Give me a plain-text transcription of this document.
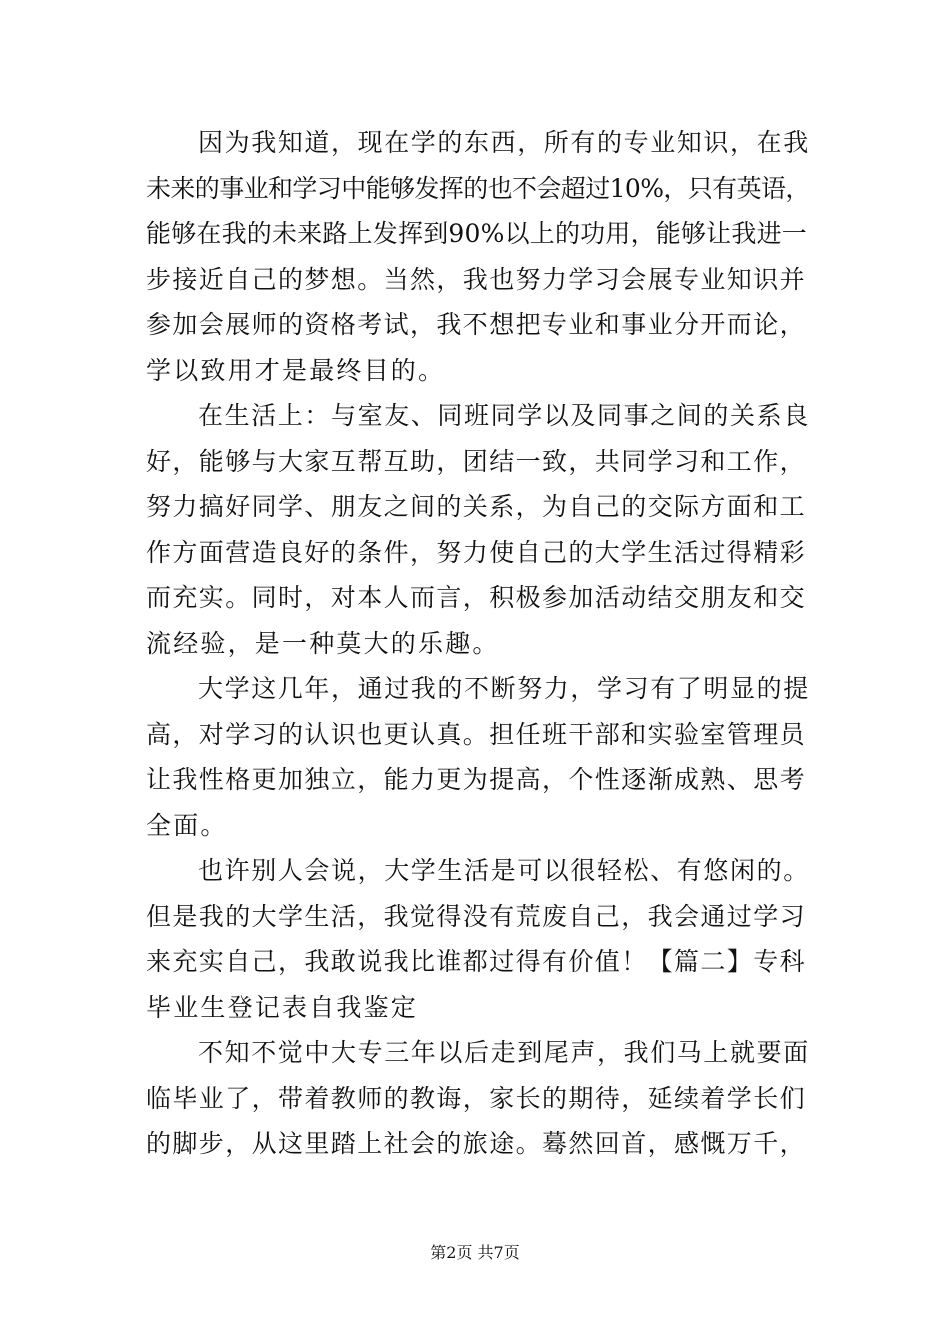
因为我知道，现在学的东西，所有的专业知识，在我
未来的事业和学习中能够发挥的也不会超过10%，只有英语，
能够在我的未来路上发挥到90%以上的功用，能够让我进一
步接近自己的梦想。当然，我也努力学习会展专业知识并
参加会展师的资格考试，我不想把专业和事业分开而论，
学以致用才是最终目的。
在生活上：与室友、同班同学以及同事之间的关系良
好，能够与大家互帮互助，团结一致，共同学习和工作，
努力搞好同学、朋友之间的关系，为自己的交际方面和工
作方面营造良好的条件，努力使自己的大学生活过得精彩
而充实。同时，对本人而言，积极参加活动结交朋友和交
流经验，是一种莫大的乐趣。
大学这几年，通过我的不断努力，学习有了明显的提
高，对学习的认识也更认真。担任班干部和实验室管理员
让我性格更加独立，能力更为提高，个性逐渐成熟、思考
全面。
也许别人会说，大学生活是可以很轻松、有悠闲的。
但是我的大学生活，我觉得没有荒废自己，我会通过学习
来充实自己，我敢说我比谁都过得有价值！【篇二】专科
毕业生登记表自我鉴定
不知不觉中大专三年以后走到尾声，我们马上就要面
临毕业了，带着教师的教诲，家长的期待，延续着学长们
的脚步，从这里踏上社会的旅途。蓦然回首，感慨万千，
第2页 共7页
